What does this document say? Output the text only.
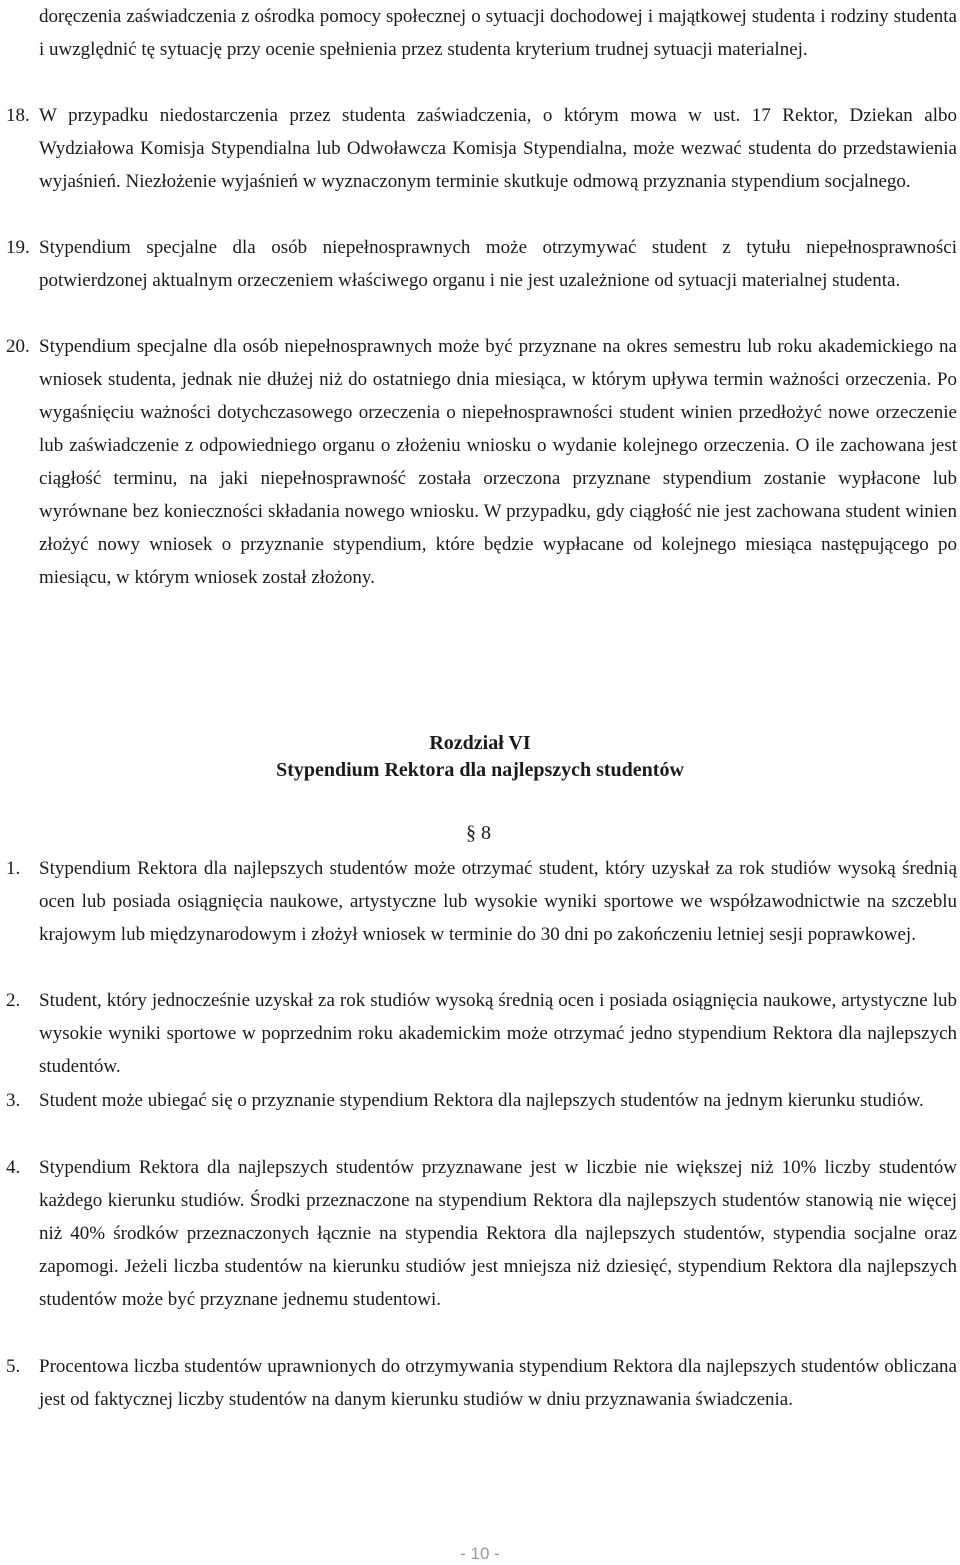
doręczenia zaświadczenia z ośrodka pomocy społecznej o sytuacji dochodowej i majątkowej studenta i rodziny studenta i uwzględnić tę sytuację przy ocenie spełnienia przez studenta kryterium trudnej sytuacji materialnej.
18. W przypadku niedostarczenia przez studenta zaświadczenia, o którym mowa w ust. 17 Rektor, Dziekan albo Wydziałowa Komisja Stypendialna lub Odwoławcza Komisja Stypendialna, może wezwać studenta do przedstawienia wyjaśnień. Niezłożenie wyjaśnień w wyznaczonym terminie skutkuje odmową przyznania stypendium socjalnego.
19. Stypendium specjalne dla osób niepełnosprawnych może otrzymywać student z tytułu niepełnosprawności potwierdzonej aktualnym orzeczeniem właściwego organu i nie jest uzależnione od sytuacji materialnej studenta.
20. Stypendium specjalne dla osób niepełnosprawnych może być przyznane na okres semestru lub roku akademickiego na wniosek studenta, jednak nie dłużej niż do ostatniego dnia miesiąca, w którym upływa termin ważności orzeczenia. Po wygaśnięciu ważności dotychczasowego orzeczenia o niepełnosprawności student winien przedłożyć nowe orzeczenie lub zaświadczenie z odpowiedniego organu o złożeniu wniosku o wydanie kolejnego orzeczenia. O ile zachowana jest ciągłość terminu, na jaki niepełnosprawność została orzeczona przyznane stypendium zostanie wypłacone lub wyrównane bez konieczności składania nowego wniosku. W przypadku, gdy ciągłość nie jest zachowana student winien złożyć nowy wniosek o przyznanie stypendium, które będzie wypłacane od kolejnego miesiąca następującego po miesiącu, w którym wniosek został złożony.
Rozdział VI
Stypendium Rektora dla najlepszych studentów
§ 8
1. Stypendium Rektora dla najlepszych studentów może otrzymać student, który uzyskał za rok studiów wysoką średnią ocen lub posiada osiągnięcia naukowe, artystyczne lub wysokie wyniki sportowe we współzawodnictwie na szczeblu krajowym lub międzynarodowym i złożył wniosek w terminie do 30 dni po zakończeniu letniej sesji poprawkowej.
2. Student, który jednocześnie uzyskał za rok studiów wysoką średnią ocen i posiada osiągnięcia naukowe, artystyczne lub wysokie wyniki sportowe w poprzednim roku akademickim może otrzymać jedno stypendium Rektora dla najlepszych studentów.
3. Student może ubiegać się o przyznanie stypendium Rektora dla najlepszych studentów na jednym kierunku studiów.
4. Stypendium Rektora dla najlepszych studentów przyznawane jest w liczbie nie większej niż 10% liczby studentów każdego kierunku studiów. Środki przeznaczone na stypendium Rektora dla najlepszych studentów stanowią nie więcej niż 40% środków przeznaczonych łącznie na stypendia Rektora dla najlepszych studentów, stypendia socjalne oraz zapomogi. Jeżeli liczba studentów na kierunku studiów jest mniejsza niż dziesięć, stypendium Rektora dla najlepszych studentów może być przyznane jednemu studentowi.
5. Procentowa liczba studentów uprawnionych do otrzymywania stypendium Rektora dla najlepszych studentów obliczana jest od faktycznej liczby studentów na danym kierunku studiów w dniu przyznawania świadczenia.
- 10 -
